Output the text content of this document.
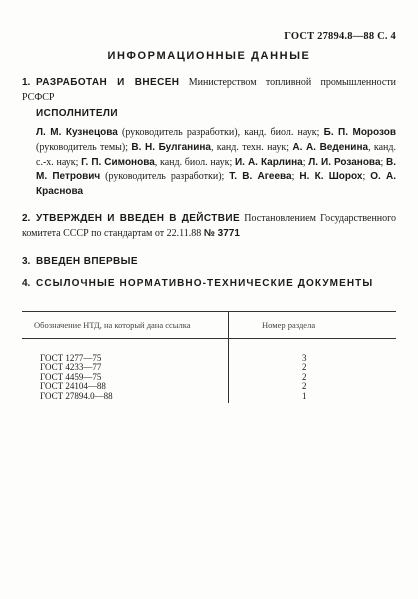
ГОСТ 27894.8—88 С. 4
ИНФОРМАЦИОННЫЕ ДАННЫЕ
1. РАЗРАБОТАН И ВНЕСЕН Министерством топливной промышленности РСФСР
ИСПОЛНИТЕЛИ
Л. М. Кузнецова (руководитель разработки), канд. биол. наук; Б. П. Морозов (руководитель темы); В. Н. Булганина, канд. техн. наук; А. А. Веденина, канд. с.-х. наук; Г. П. Симонова, канд. биол. наук; И. А. Карлина; Л. И. Розанова; В. М. Петрович (руководитель разработки); Т. В. Агеева; Н. К. Шорох; О. А. Краснова
2. УТВЕРЖДЕН И ВВЕДЕН В ДЕЙСТВИЕ Постановлением Государственного комитета СССР по стандартам от 22.11.88 № 3771
3. ВВЕДЕН ВПЕРВЫЕ
4. ССЫЛОЧНЫЕ НОРМАТИВНО-ТЕХНИЧЕСКИЕ ДОКУМЕНТЫ
Обозначение НТД, на который дана ссылка	Номер раздела
ГОСТ 1277—75	3
ГОСТ 4233—77	2
ГОСТ 4459—75	2
ГОСТ 24104—88	2
ГОСТ 27894.0—88	1
